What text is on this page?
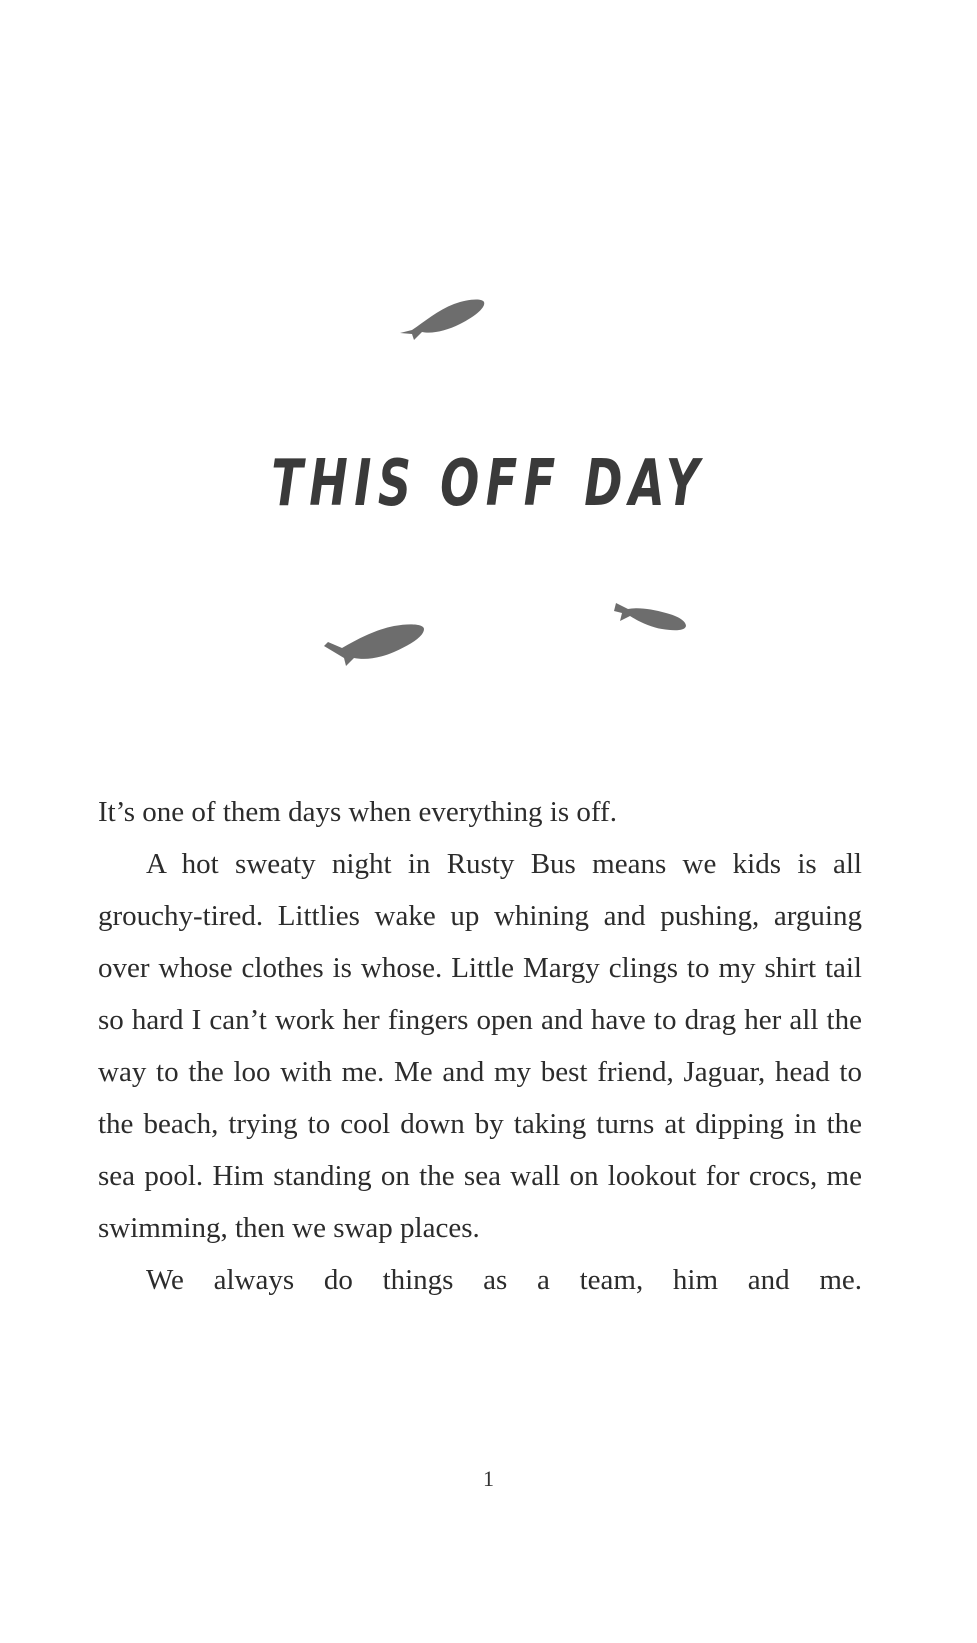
THIS OFF DAY

It’s one of them days when everything is off.

A hot sweaty night in Rusty Bus means we kids is all grouchy-tired. Littlies wake up whining and pushing, arguing over whose clothes is whose. Little Margy clings to my shirt tail so hard I can’t work her fingers open and have to drag her all the way to the loo with me. Me and my best friend, Jaguar, head to the beach, trying to cool down by taking turns at dipping in the sea pool. Him standing on the sea wall on lookout for crocs, me swimming, then we swap places.

We always do things as a team, him and me.

1
